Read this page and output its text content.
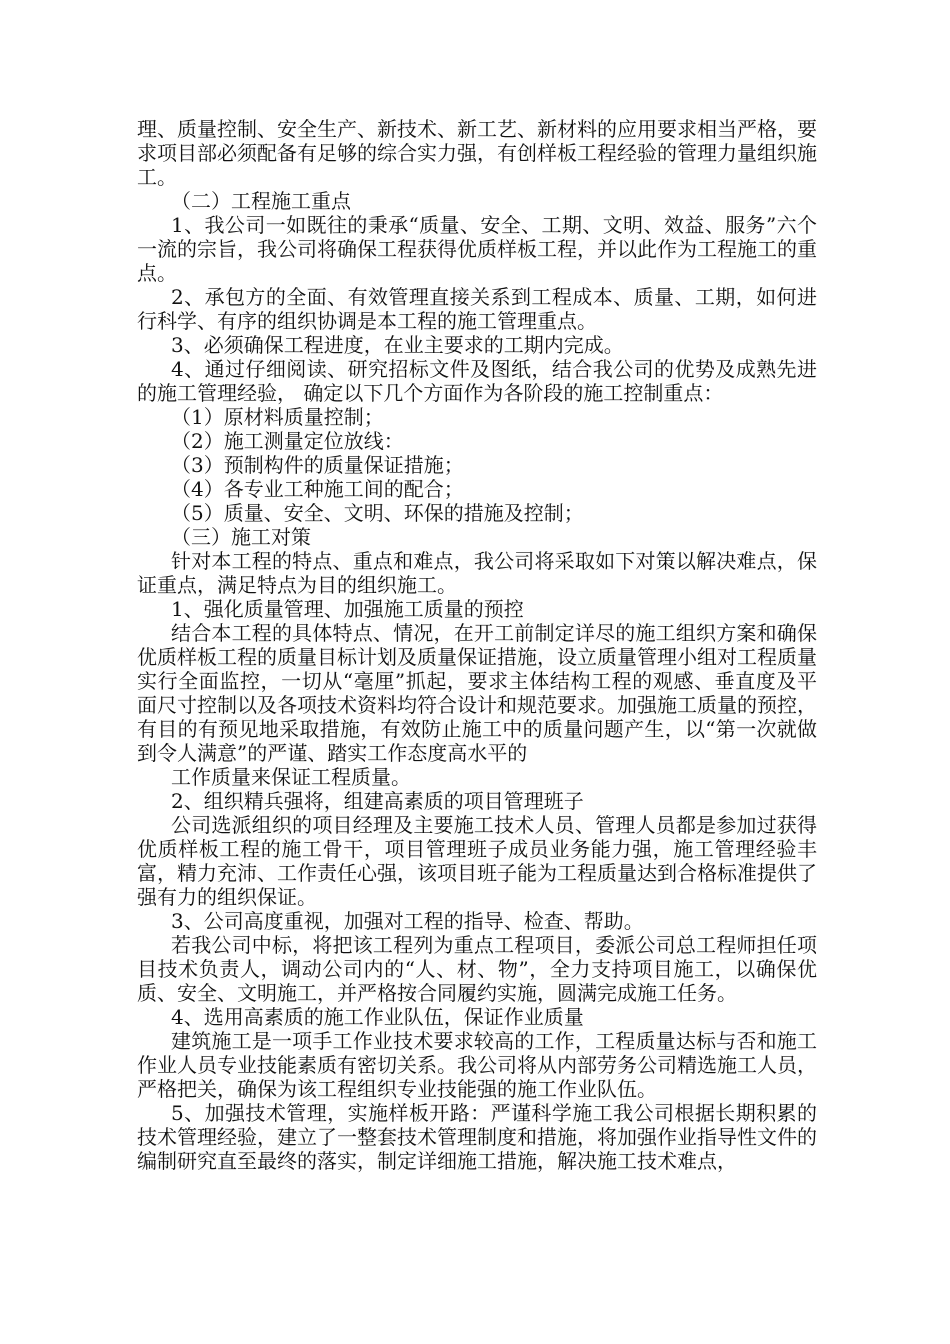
理、质量控制、安全生产、新技术、新工艺、新材料的应用要求相当严格，要求项目部必须配备有足够的综合实力强，有创样板工程经验的管理力量组织施工。

（二）工程施工重点

1、我公司一如既往的秉承“质量、安全、工期、文明、效益、服务”六个一流的宗旨，我公司将确保工程获得优质样板工程，并以此作为工程施工的重点。

2、承包方的全面、有效管理直接关系到工程成本、质量、工期，如何进行科学、有序的组织协调是本工程的施工管理重点。

3、必须确保工程进度，在业主要求的工期内完成。

4、通过仔细阅读、研究招标文件及图纸，结合我公司的优势及成熟先进的施工管理经验， 确定以下几个方面作为各阶段的施工控制重点：

（1）原材料质量控制；

（2）施工测量定位放线：

（3）预制构件的质量保证措施；

（4）各专业工种施工间的配合；

（5）质量、安全、文明、环保的措施及控制；

（三）施工对策

针对本工程的特点、重点和难点，我公司将采取如下对策以解决难点，保证重点，满足特点为目的组织施工。

1、强化质量管理、加强施工质量的预控

结合本工程的具体特点、情况，在开工前制定详尽的施工组织方案和确保优质样板工程的质量目标计划及质量保证措施，设立质量管理小组对工程质量实行全面监控，一切从“毫厘”抓起，要求主体结构工程的观感、垂直度及平面尺寸控制以及各项技术资料均符合设计和规范要求。加强施工质量的预控，有目的有预见地采取措施，有效防止施工中的质量问题产生，以“第一次就做到令人满意”的严谨、踏实工作态度高水平的

工作质量来保证工程质量。

2、组织精兵强将，组建高素质的项目管理班子

公司选派组织的项目经理及主要施工技术人员、管理人员都是参加过获得优质样板工程的施工骨干，项目管理班子成员业务能力强，施工管理经验丰富，精力充沛、工作责任心强，该项目班子能为工程质量达到合格标准提供了强有力的组织保证。

3、公司高度重视，加强对工程的指导、检查、帮助。

若我公司中标，将把该工程列为重点工程项目，委派公司总工程师担任项目技术负责人，调动公司内的“人、材、物”，全力支持项目施工，以确保优质、安全、文明施工，并严格按合同履约实施，圆满完成施工任务。

4、选用高素质的施工作业队伍，保证作业质量

建筑施工是一项手工作业技术要求较高的工作，工程质量达标与否和施工作业人员专业技能素质有密切关系。我公司将从内部劳务公司精选施工人员，严格把关，确保为该工程组织专业技能强的施工作业队伍。

5、加强技术管理，实施样板开路：严谨科学施工我公司根据长期积累的技术管理经验，建立了一整套技术管理制度和措施，将加强作业指导性文件的编制研究直至最终的落实，制定详细施工措施，解决施工技术难点，
